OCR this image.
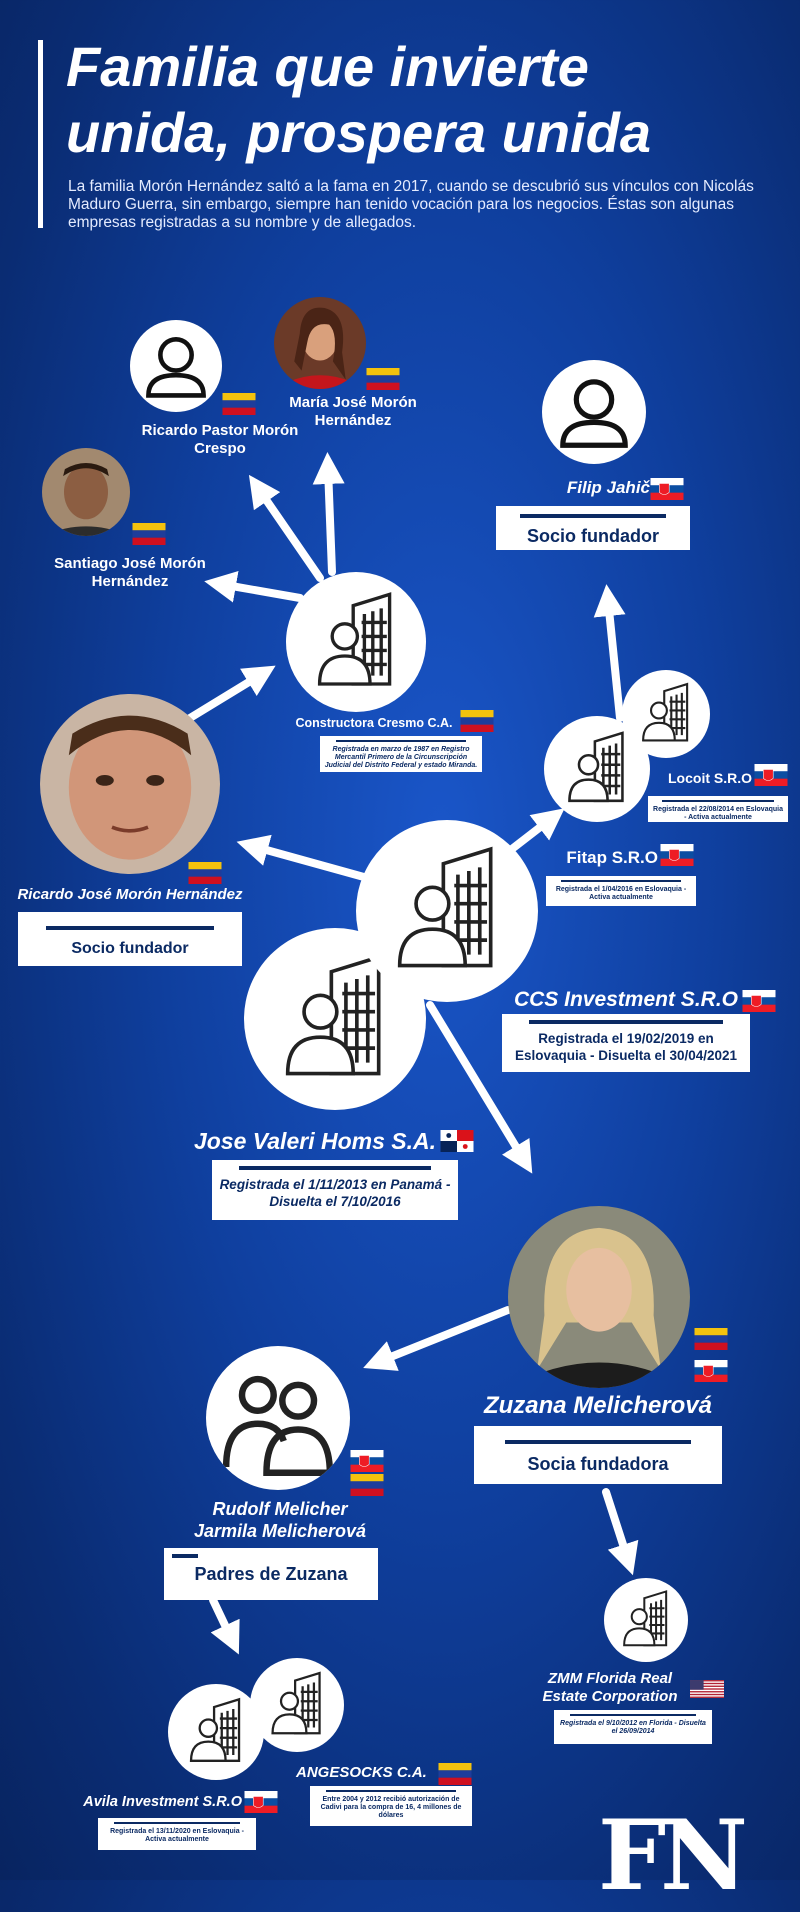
Familia que invierte unida, prospera unida

La familia Morón Hernández saltó a la fama en 2017, cuando se descubrió sus vínculos con Nicolás Maduro Guerra, sin embargo, siempre han tenido vocación para los negocios. Éstas son algunas empresas registradas a su nombre y de allegados.

Ricardo Pastor Morón Crespo
María José Morón Hernández
Santiago José Morón Hernández
Filip Jahič
Socio fundador
Constructora Cresmo C.A.
Registrada en marzo de 1987 en Registro Mercantil Primero de la Circunscripción Judicial del Distrito Federal y estado Miranda.
Ricardo José Morón Hernández
Socio fundador
Locoit S.R.O
Registrada el 22/08/2014 en Eslovaquia - Activa actualmente
Fitap S.R.O
Registrada el 1/04/2016 en Eslovaquia - Activa actualmente
CCS Investment S.R.O
Registrada el 19/02/2019 en Eslovaquia - Disuelta el 30/04/2021
Jose Valeri Homs S.A.
Registrada el 1/11/2013 en Panamá - Disuelta el 7/10/2016
Zuzana Melicherová
Socia fundadora
Rudolf Melicher
Jarmila Melicherová
Padres de Zuzana
ZMM Florida Real
Estate Corporation
Registrada el 9/10/2012 en Florida - Disuelta el 26/09/2014
ANGESOCKS C.A.
Entre 2004 y 2012 recibió autorización de Cadivi para la compra de 16, 4 millones de dólares
Avila Investment S.R.O
Registrada el 13/11/2020 en Eslovaquia - Activa actualmente	FN
